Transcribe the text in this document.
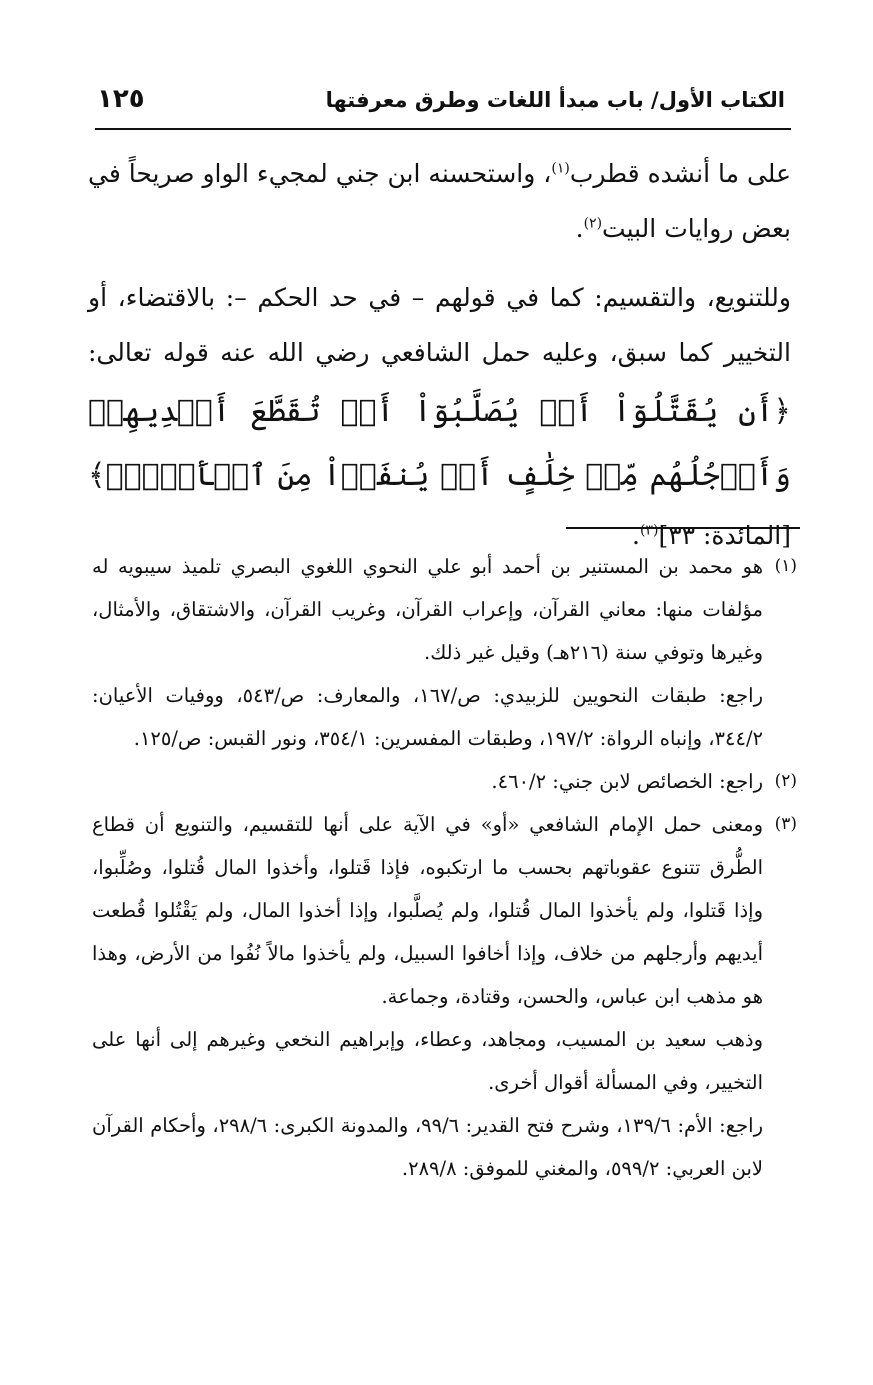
الكتاب الأول/ باب مبدأ اللغات وطرق معرفتها
١٢٥

على ما أنشده قطرب$^{(١)}$، واستحسنه ابن جني لمجيء الواو صريحاً في بعض روايات البيت$^{(٢)}$.

وللتنويع، والتقسيم: كما في قولهم – في حد الحكم –: بالاقتضاء، أو التخيير كما سبق، وعليه حمل الشافعي رضي الله عنه قوله تعالى: ﴿أَن يُقَتَّلُوٓاْ أَوۡ يُصَلَّبُوٓاْ أَوۡ تُقَطَّعَ أَيۡدِيهِمۡ وَأَرۡجُلُهُم مِّنۡ خِلَٰفٍ أَوۡ يُنفَوۡاْ مِنَ ٱلۡأَرۡضِۚ﴾ [المائدة: ٣٣]$^{(٣)}$.

(١)
هو محمد بن المستنير بن أحمد أبو علي النحوي اللغوي البصري تلميذ سيبويه له مؤلفات منها: معاني القرآن، وإعراب القرآن، وغريب القرآن، والاشتقاق، والأمثال، وغيرها وتوفي سنة (٢١٦هـ) وقيل غير ذلك.

راجع: طبقات النحويين للزبيدي: ص/١٦٧، والمعارف: ص/٥٤٣، ووفيات الأعيان: ٣٤٤/٢، وإنباه الرواة: ١٩٧/٢، وطبقات المفسرين: ٣٥٤/١، ونور القبس: ص/١٢٥.

(٢)
راجع: الخصائص لابن جني: ٤٦٠/٢.

(٣)
ومعنى حمل الإمام الشافعي «أو» في الآية على أنها للتقسيم، والتنويع أن قطاع الطُّرق تتنوع عقوباتهم بحسب ما ارتكبوه، فإذا قَتلوا، وأخذوا المال قُتلوا، وصُلِّبوا، وإذا قَتلوا، ولم يأخذوا المال قُتلوا، ولم يُصلَّبوا، وإذا أخذوا المال، ولم يَقْتُلوا قُطعت أيديهم وأرجلهم من خلاف، وإذا أخافوا السبيل، ولم يأخذوا مالاً نُفُوا من الأرض، وهذا هو مذهب ابن عباس، والحسن، وقتادة، وجماعة.

وذهب سعيد بن المسيب، ومجاهد، وعطاء، وإبراهيم النخعي وغيرهم إلى أنها على التخيير، وفي المسألة أقوال أخرى.

راجع: الأم: ١٣٩/٦، وشرح فتح القدير: ٩٩/٦، والمدونة الكبرى: ٢٩٨/٦، وأحكام القرآن لابن العربي: ٥٩٩/٢، والمغني للموفق: ٢٨٩/٨.
